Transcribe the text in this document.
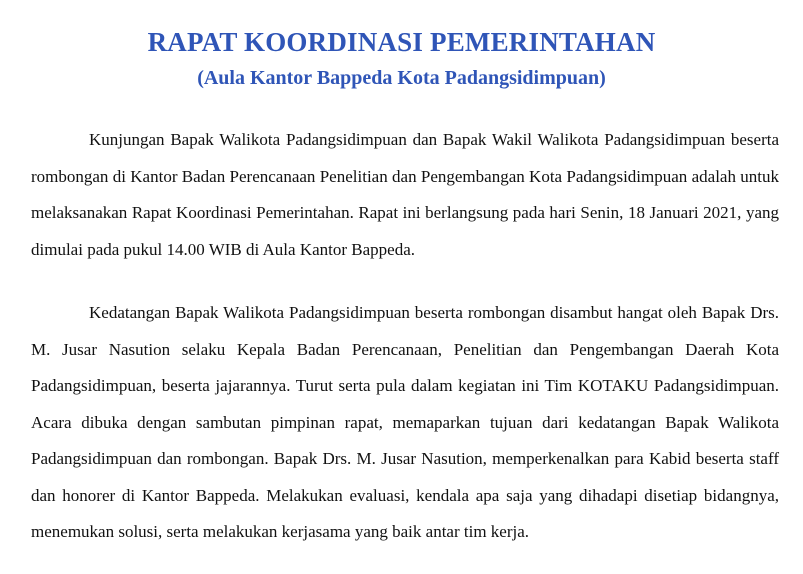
RAPAT KOORDINASI PEMERINTAHAN
(Aula Kantor Bappeda Kota Padangsidimpuan)

Kunjungan Bapak Walikota Padangsidimpuan dan Bapak Wakil Walikota Padangsidimpuan beserta rombongan di Kantor Badan Perencanaan Penelitian dan Pengembangan Kota Padangsidimpuan adalah untuk melaksanakan Rapat Koordinasi Pemerintahan. Rapat ini berlangsung pada hari Senin, 18 Januari 2021, yang dimulai pada pukul 14.00 WIB di Aula Kantor Bappeda.

Kedatangan Bapak Walikota Padangsidimpuan beserta rombongan disambut hangat oleh Bapak Drs. M. Jusar Nasution selaku Kepala Badan Perencanaan, Penelitian dan Pengembangan Daerah Kota Padangsidimpuan, beserta jajarannya. Turut serta pula dalam kegiatan ini Tim KOTAKU Padangsidimpuan. Acara dibuka dengan sambutan pimpinan rapat, memaparkan tujuan dari kedatangan Bapak Walikota Padangsidimpuan dan rombongan. Bapak Drs. M. Jusar Nasution, memperkenalkan para Kabid beserta staff dan honorer di Kantor Bappeda. Melakukan evaluasi, kendala apa saja yang dihadapi disetiap bidangnya, menemukan solusi, serta melakukan kerjasama yang baik antar tim kerja.
